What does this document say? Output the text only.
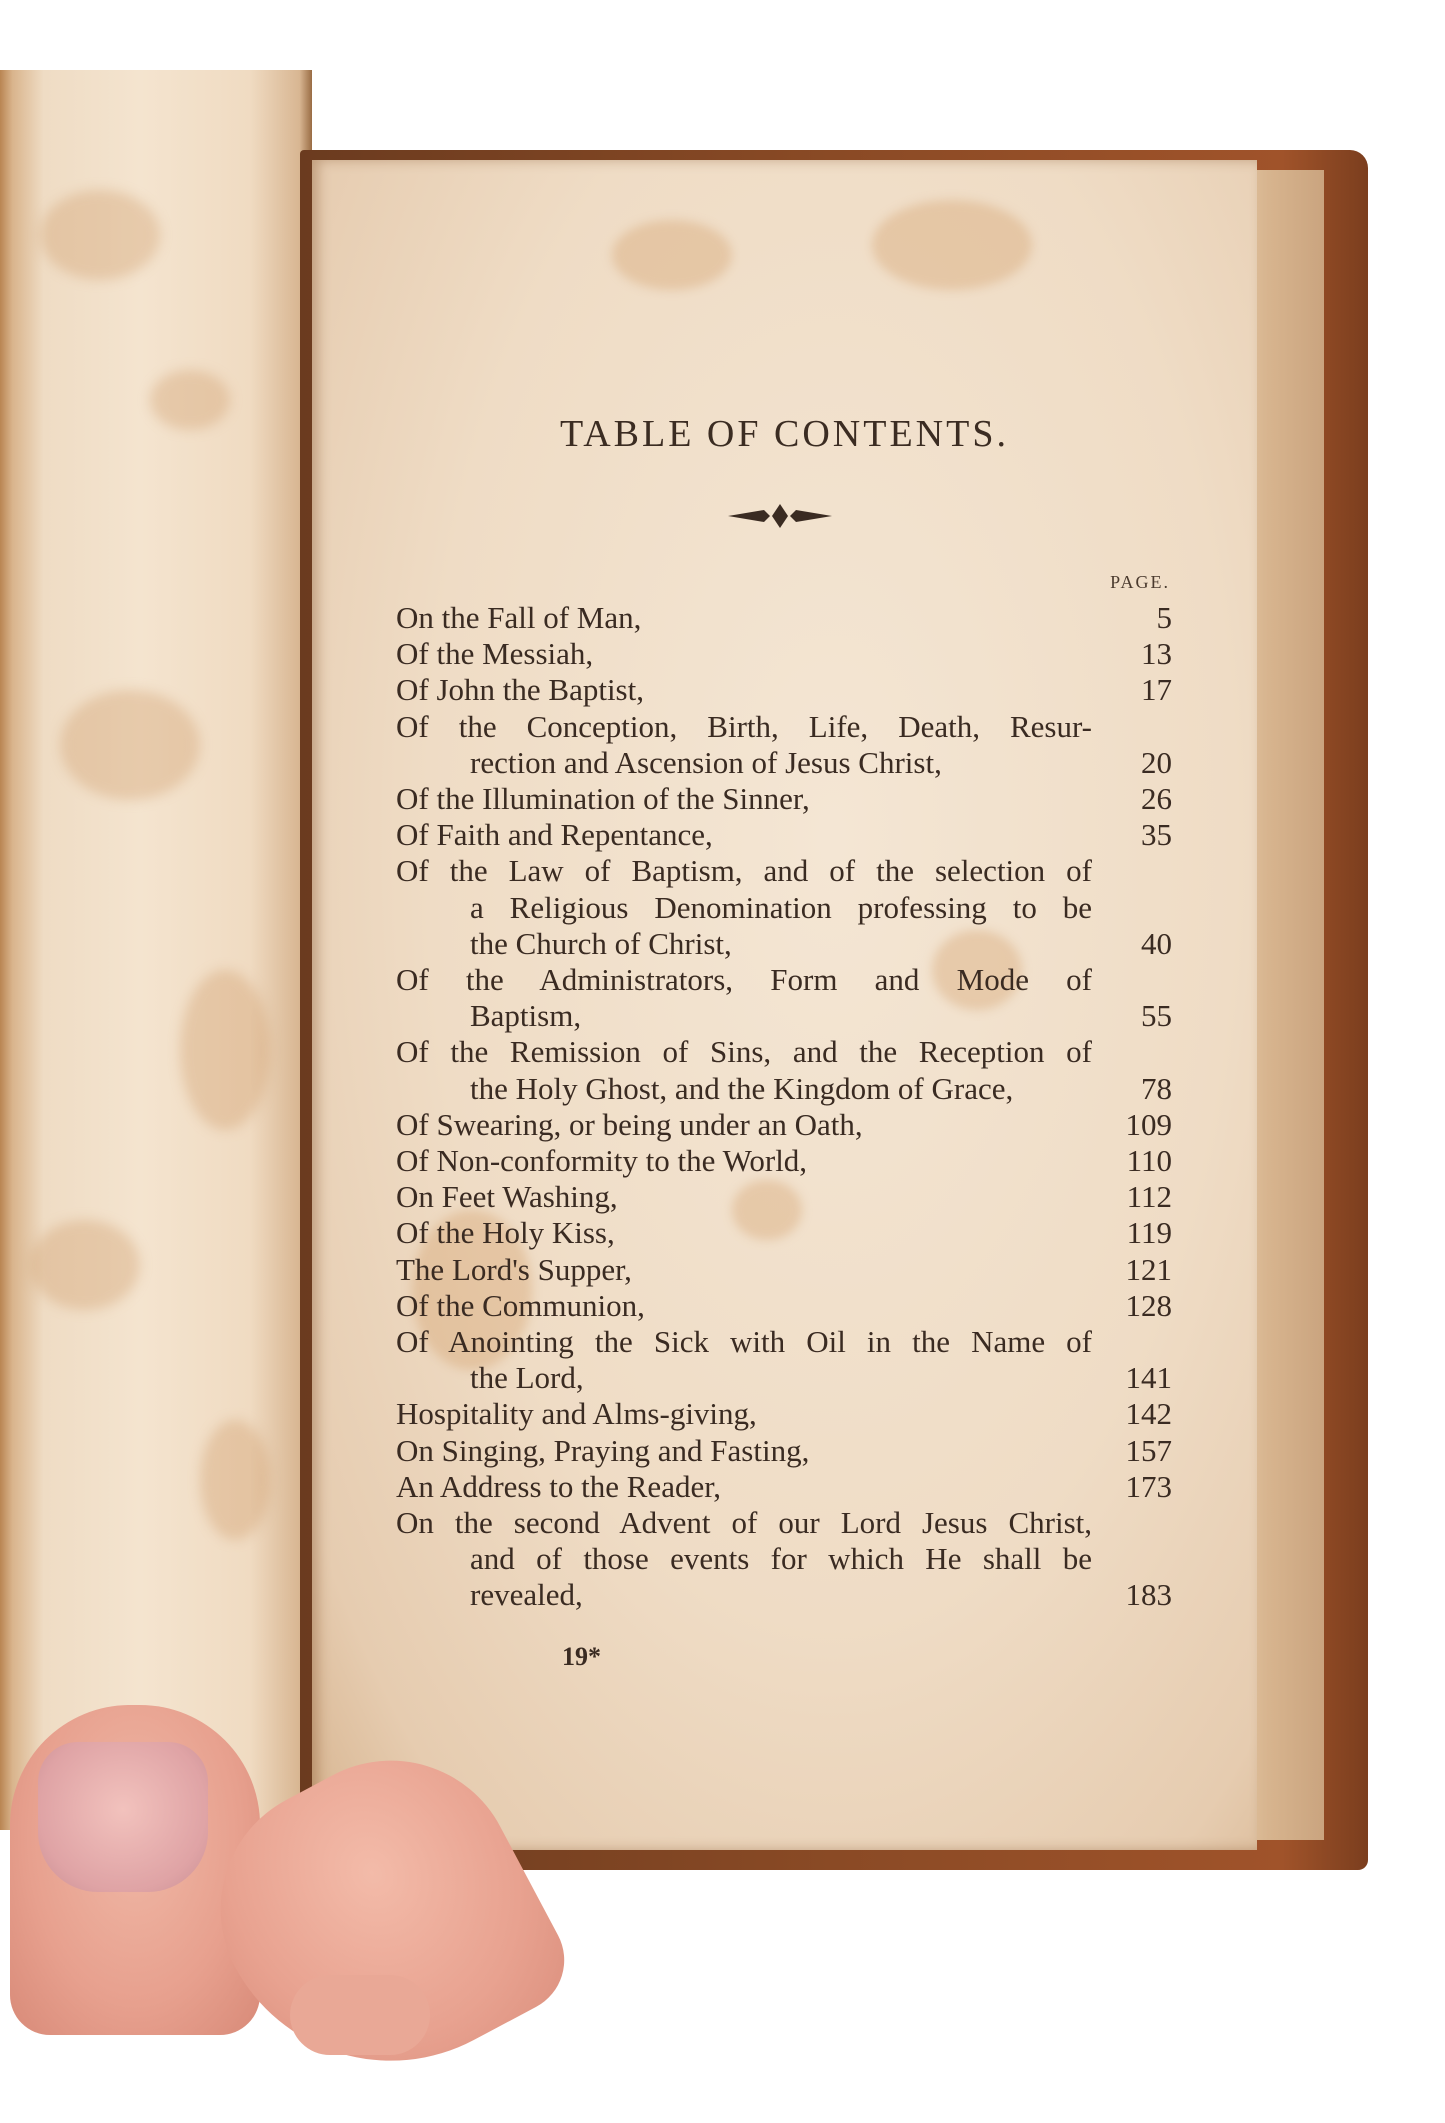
TABLE OF CONTENTS.
PAGE.
On the Fall of Man,	5
Of the Messiah,	13
Of John the Baptist,	17
Of the Conception, Birth, Life, Death, Resur-
rection and Ascension of Jesus Christ,	20
Of the Illumination of the Sinner,	26
Of Faith and Repentance,	35
Of the Law of Baptism, and of the selection of
a Religious Denomination professing to be
the Church of Christ,	40
Of the Administrators, Form and Mode of
Baptism,	55
Of the Remission of Sins, and the Reception of
the Holy Ghost, and the Kingdom of Grace,	78
Of Swearing, or being under an Oath,	109
Of Non-conformity to the World,	110
On Feet Washing,	112
Of the Holy Kiss,	119
The Lord's Supper,	121
Of the Communion,	128
Of Anointing the Sick with Oil in the Name of
the Lord,	141
Hospitality and Alms-giving,	142
On Singing, Praying and Fasting,	157
An Address to the Reader,	173
On the second Advent of our Lord Jesus Christ,
and of those events for which He shall be
revealed,	183
19*
